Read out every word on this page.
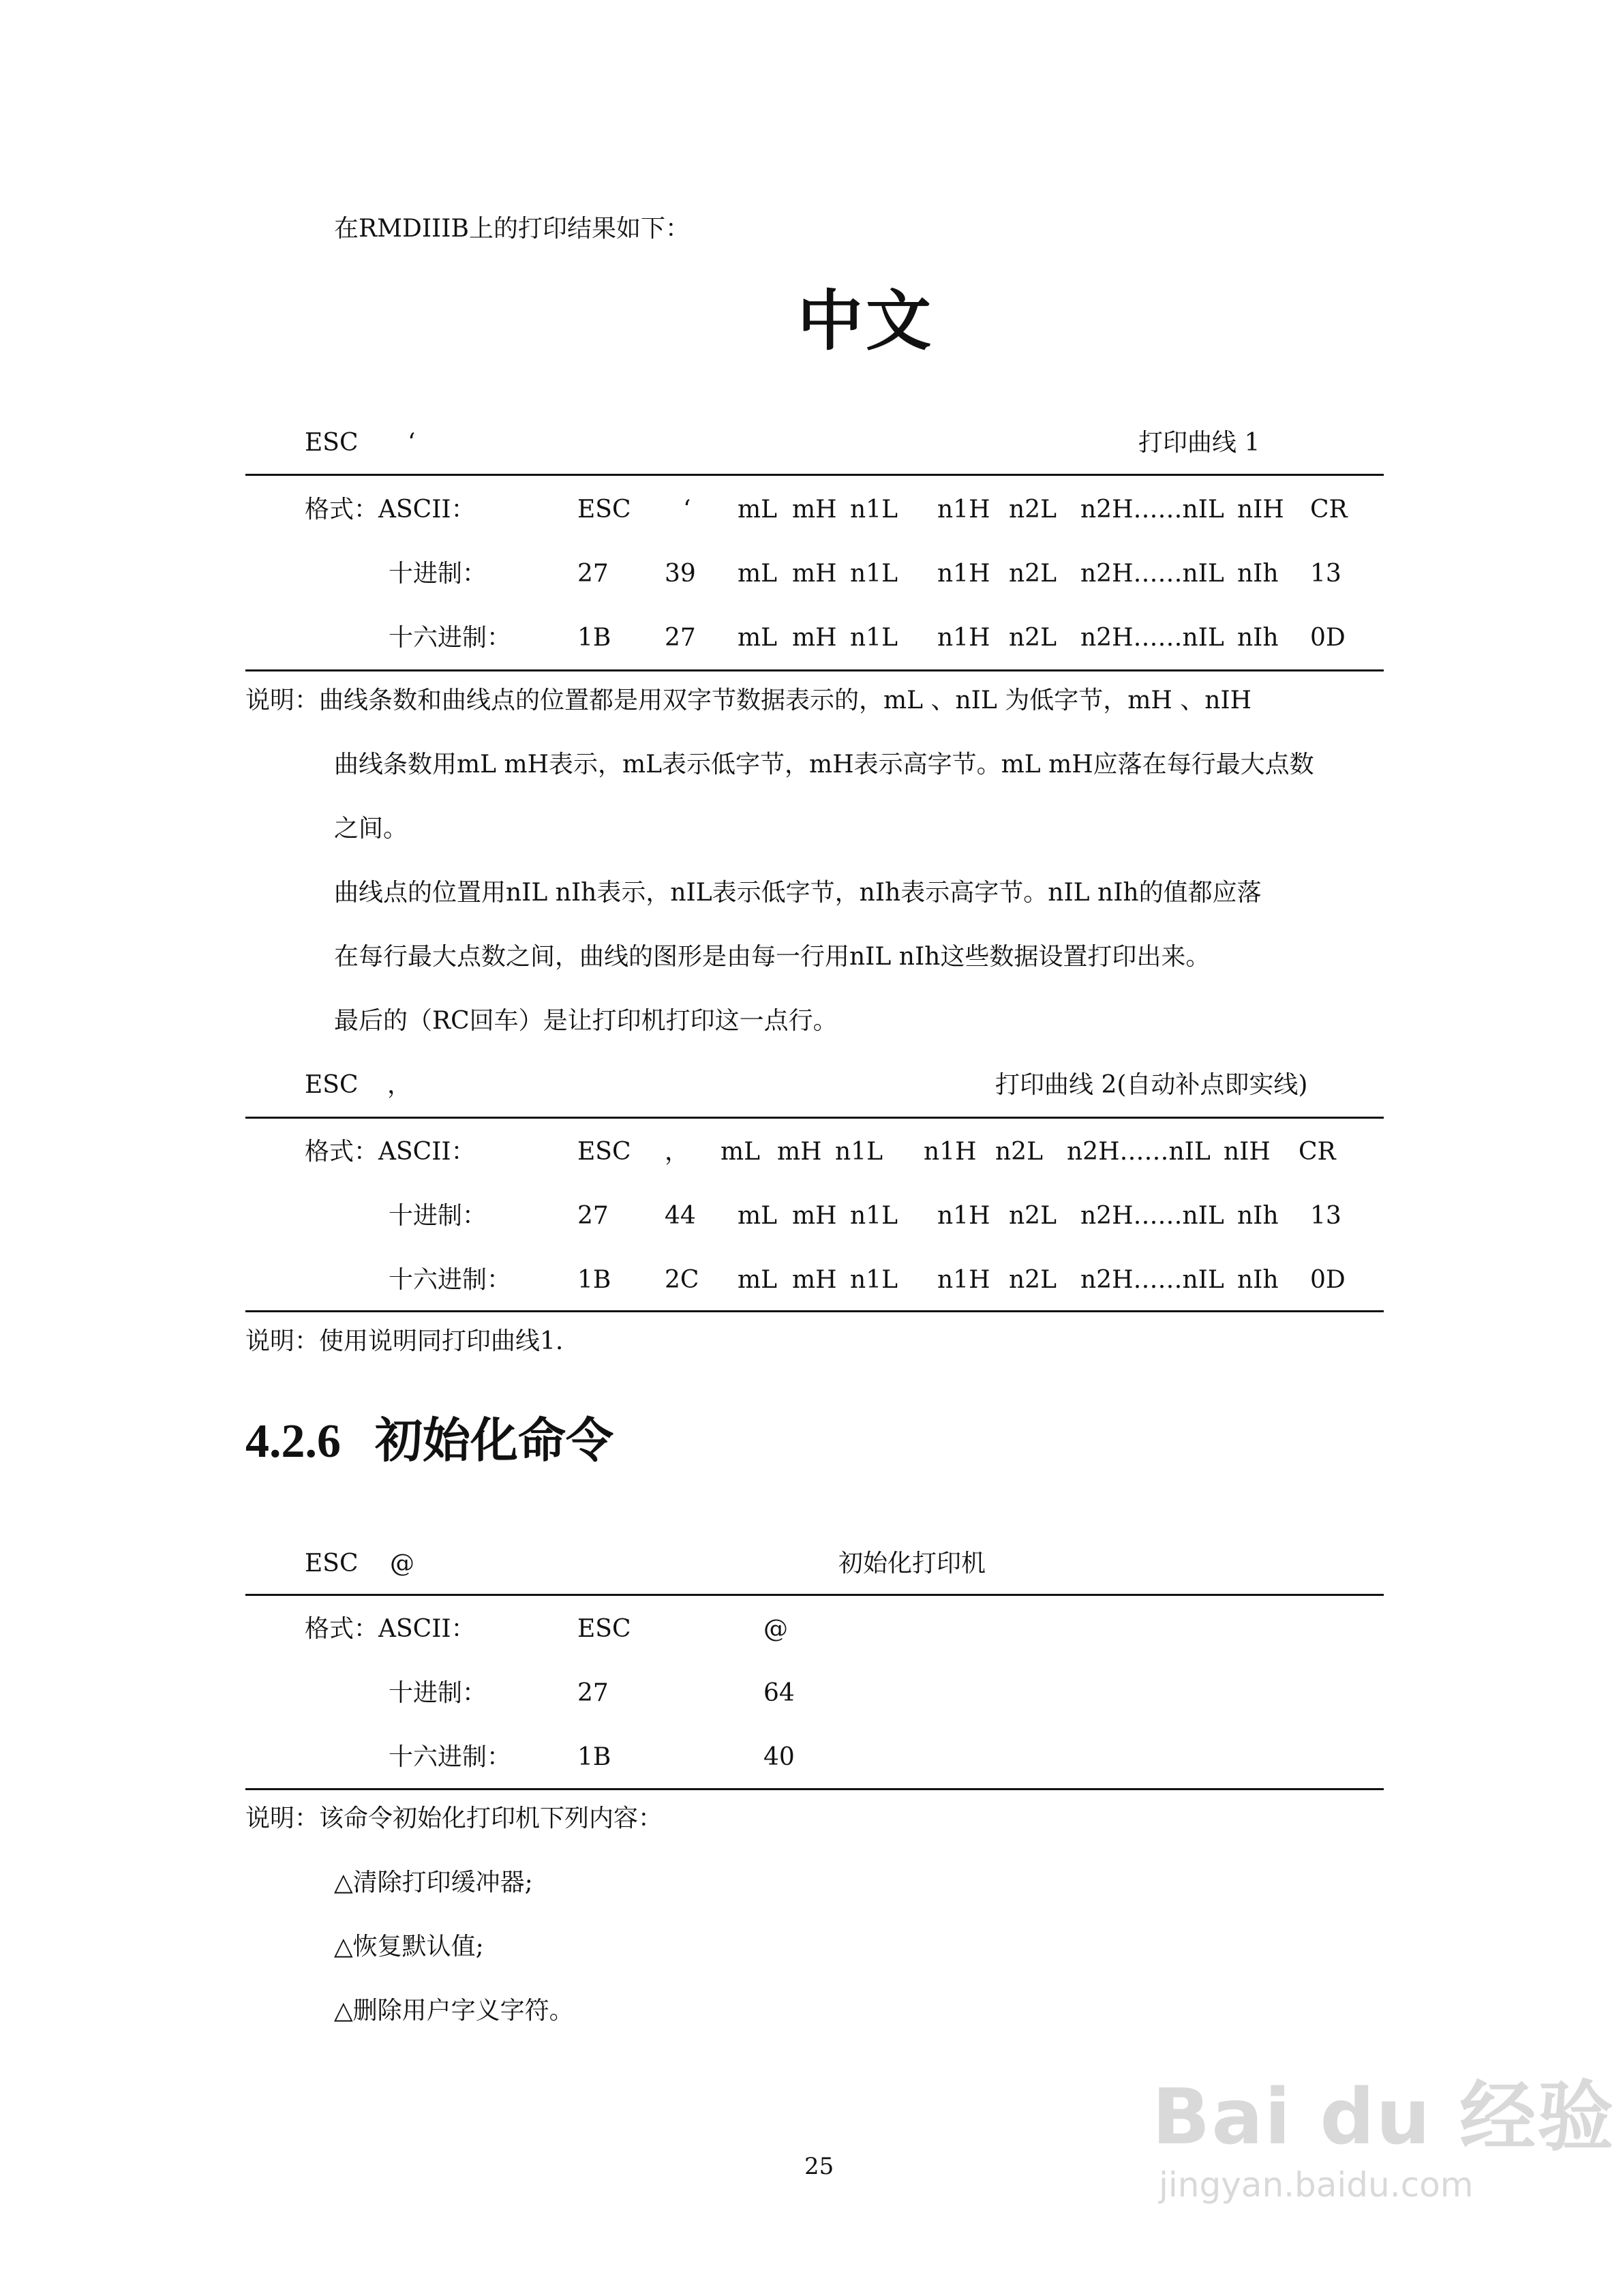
在RMDIIIB上的打印结果如下：
中文
ESC ‘	打印曲线 1
格式：ASCII：	ESC ‘ mL mH n1L n1H n2L n2H……nIL nIH CR
十进制：	27 39 mL mH n1L n1H n2L n2H……nIL nIh 13
十六进制：	1B 27 mL mH n1L n1H n2L n2H……nIL nIh 0D
说明：曲线条数和曲线点的位置都是用双字节数据表示的，mL 、nIL 为低字节，mH 、nIH
曲线条数用mL mH表示，mL表示低字节，mH表示高字节。mL mH应落在每行最大点数
之间。
曲线点的位置用nIL nIh表示，nIL表示低字节，nIh表示高字节。nIL nIh的值都应落
在每行最大点数之间，曲线的图形是由每一行用nIL nIh这些数据设置打印出来。
最后的（RC回车）是让打印机打印这一点行。
ESC ，	打印曲线 2(自动补点即实线)
格式：ASCII：	ESC ， mL mH n1L n1H n2L n2H……nIL nIH CR
十进制：	27 44 mL mH n1L n1H n2L n2H……nIL nIh 13
十六进制：	1B 2C mL mH n1L n1H n2L n2H……nIL nIh 0D
说明：使用说明同打印曲线1.
4.2.6 初始化命令
ESC @	初始化打印机
格式：ASCII：	ESC	@
十进制：	27	64
十六进制：	1B	40
说明：该命令初始化打印机下列内容：
△清除打印缓冲器;
△恢复默认值;
△删除用户字义字符。
25
Bai du 经验
jingyan.baidu.com
